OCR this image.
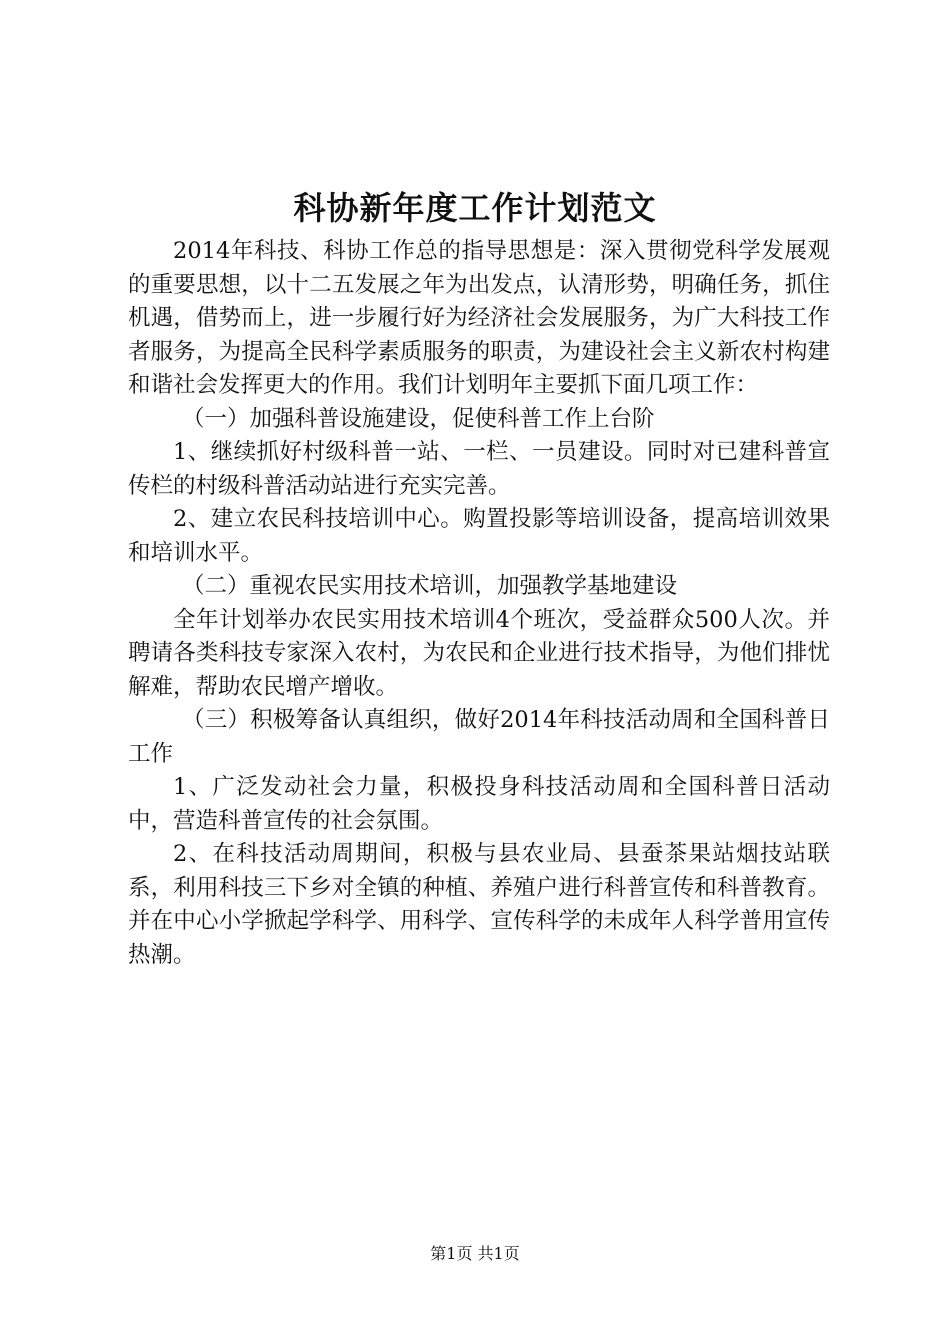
科协新年度工作计划范文

2014年科技、科协工作总的指导思想是：深入贯彻党科学发展观的重要思想，以十二五发展之年为出发点，认清形势，明确任务，抓住机遇，借势而上，进一步履行好为经济社会发展服务，为广大科技工作者服务，为提高全民科学素质服务的职责，为建设社会主义新农村构建和谐社会发挥更大的作用。我们计划明年主要抓下面几项工作：

（一）加强科普设施建设，促使科普工作上台阶

1、继续抓好村级科普一站、一栏、一员建设。同时对已建科普宣传栏的村级科普活动站进行充实完善。

2、建立农民科技培训中心。购置投影等培训设备，提高培训效果和培训水平。

（二）重视农民实用技术培训，加强教学基地建设

全年计划举办农民实用技术培训4个班次，受益群众500人次。并聘请各类科技专家深入农村，为农民和企业进行技术指导，为他们排忧解难，帮助农民增产增收。

（三）积极筹备认真组织，做好2014年科技活动周和全国科普日工作

1、广泛发动社会力量，积极投身科技活动周和全国科普日活动中，营造科普宣传的社会氛围。

2、在科技活动周期间，积极与县农业局、县蚕茶果站烟技站联系，利用科技三下乡对全镇的种植、养殖户进行科普宣传和科普教育。并在中心小学掀起学科学、用科学、宣传科学的未成年人科学普用宣传热潮。

第1页 共1页
